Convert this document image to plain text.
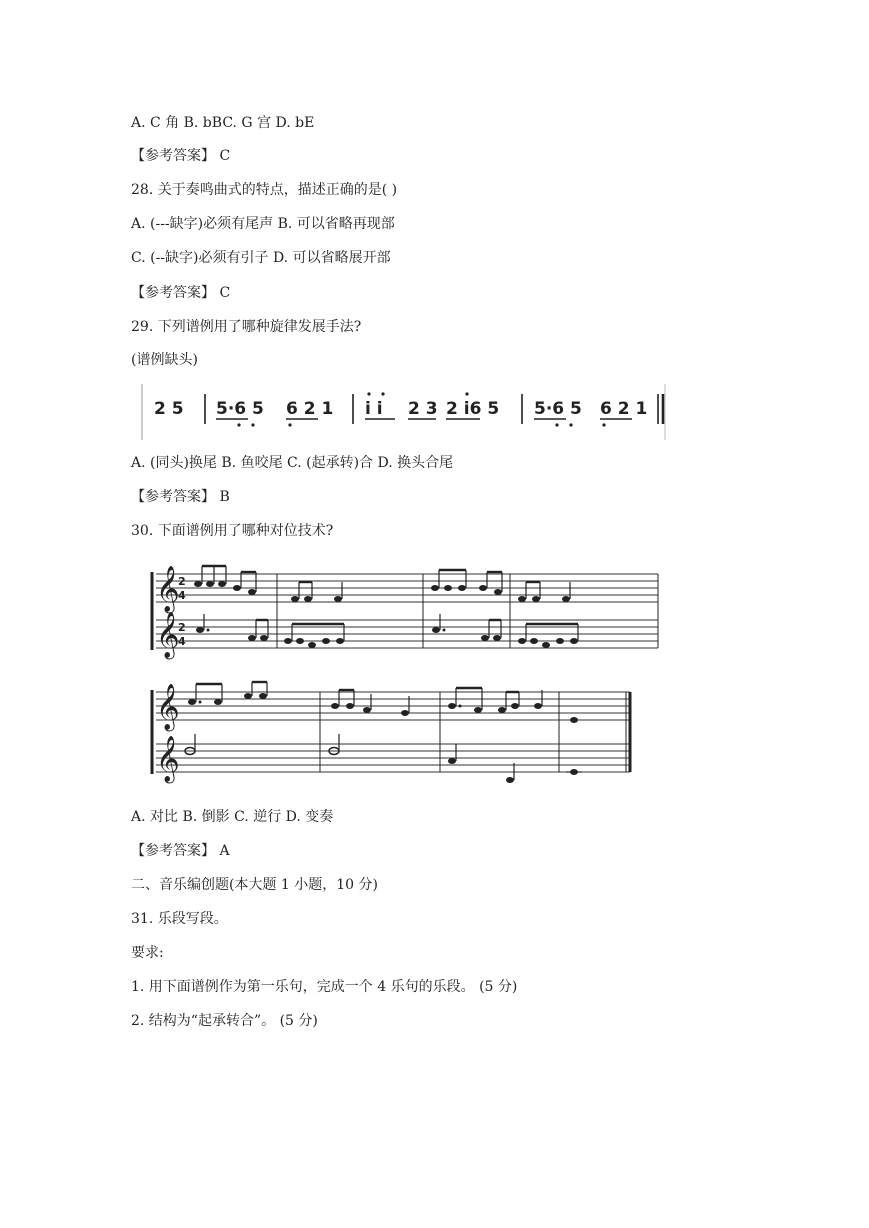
A. C 角 B. bBC. G 宫 D. bE
【参考答案】 C
28. 关于奏鸣曲式的特点，描述正确的是( )
A. (---缺字)必须有尾声 B. 可以省略再现部
C. (--缺字)必须有引子 D. 可以省略展开部
【参考答案】 C
29. 下列谱例用了哪种旋律发展手法?
(谱例缺头)
2 5 5·6 5 6 2 1 i i 2 3 2 i6 5 5·6 5 6 2 1
A. (同头)换尾 B. 鱼咬尾 C. (起承转)合 D. 换头合尾
【参考答案】 B
30. 下面谱例用了哪种对位技术?
𝄞
𝄞
𝄞
𝄞
2
4
2
4
A. 对比 B. 倒影 C. 逆行 D. 变奏
【参考答案】 A
二、音乐编创题(本大题 1 小题，10 分)
31. 乐段写段。
要求:
1. 用下面谱例作为第一乐句，完成一个 4 乐句的乐段。 (5 分)
2. 结构为“起承转合”。 (5 分)
